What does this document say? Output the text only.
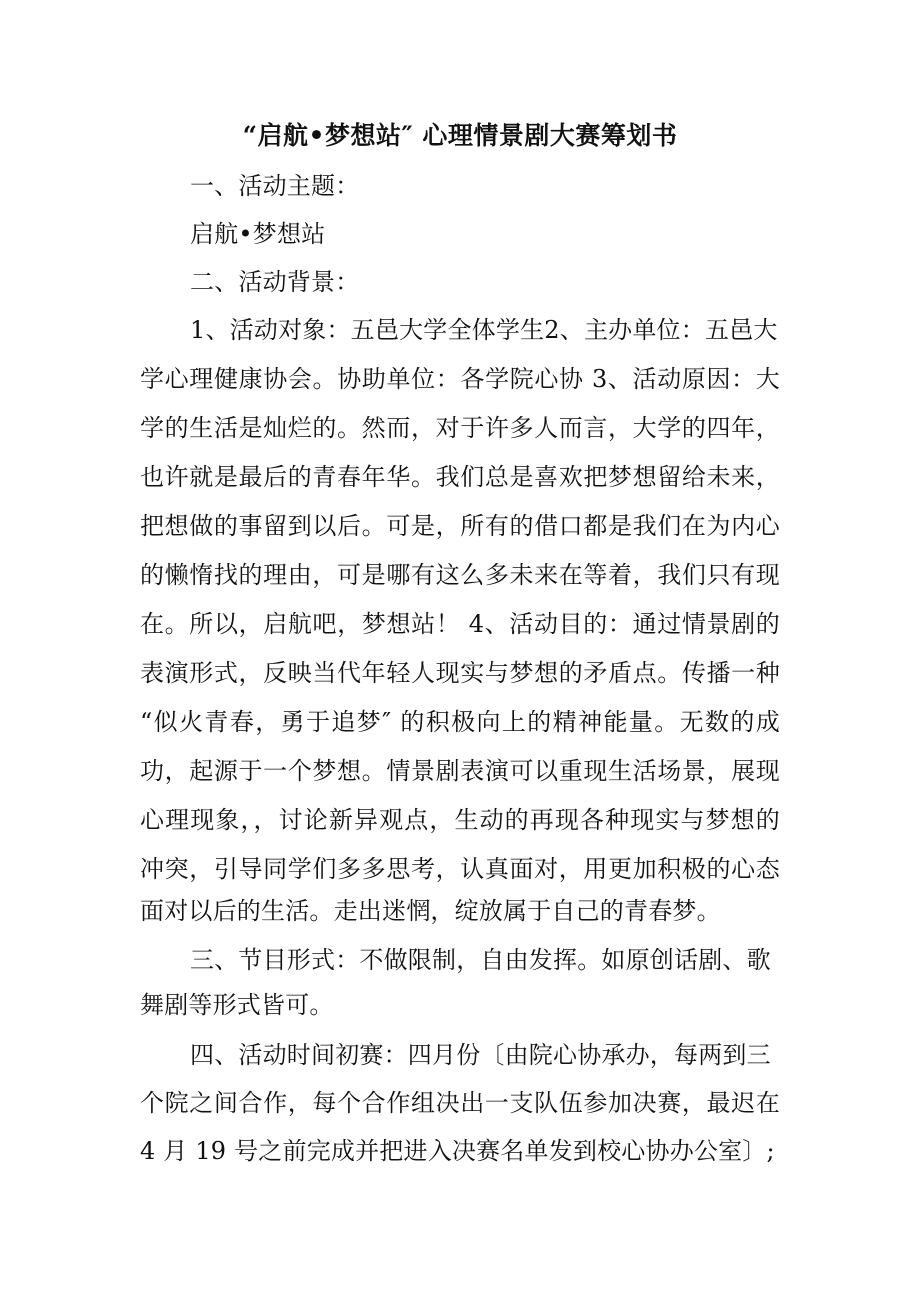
“启航•梦想站″ 心理情景剧大赛筹划书
一、活动主题：
启航•梦想站
二、活动背景：
1、活动对象：五邑大学全体学生2、主办单位：五邑大
学心理健康协会。协助单位：各学院心协 3、活动原因：大
学的生活是灿烂的。然而，对于许多人而言，大学的四年，
也许就是最后的青春年华。我们总是喜欢把梦想留给未来，
把想做的事留到以后。可是，所有的借口都是我们在为内心
的懒惰找的理由，可是哪有这么多未来在等着，我们只有现
在。所以，启航吧，梦想站！ 4、活动目的：通过情景剧的
表演形式，反映当代年轻人现实与梦想的矛盾点。传播一种
“似火青春，勇于追梦″ 的积极向上的精神能量。无数的成
功，起源于一个梦想。情景剧表演可以重现生活场景，展现
心理现象，，讨论新异观点，生动的再现各种现实与梦想的
冲突，引导同学们多多思考，认真面对，用更加积极的心态
面对以后的生活。走出迷惘，绽放属于自己的青春梦。
三、节目形式：不做限制，自由发挥。如原创话剧、歌
舞剧等形式皆可。
四、活动时间初赛：四月份〔由院心协承办，每两到三
个院之间合作，每个合作组决出一支队伍参加决赛，最迟在
4 月 19 号之前完成并把进入决赛名单发到校心协办公室〕;
